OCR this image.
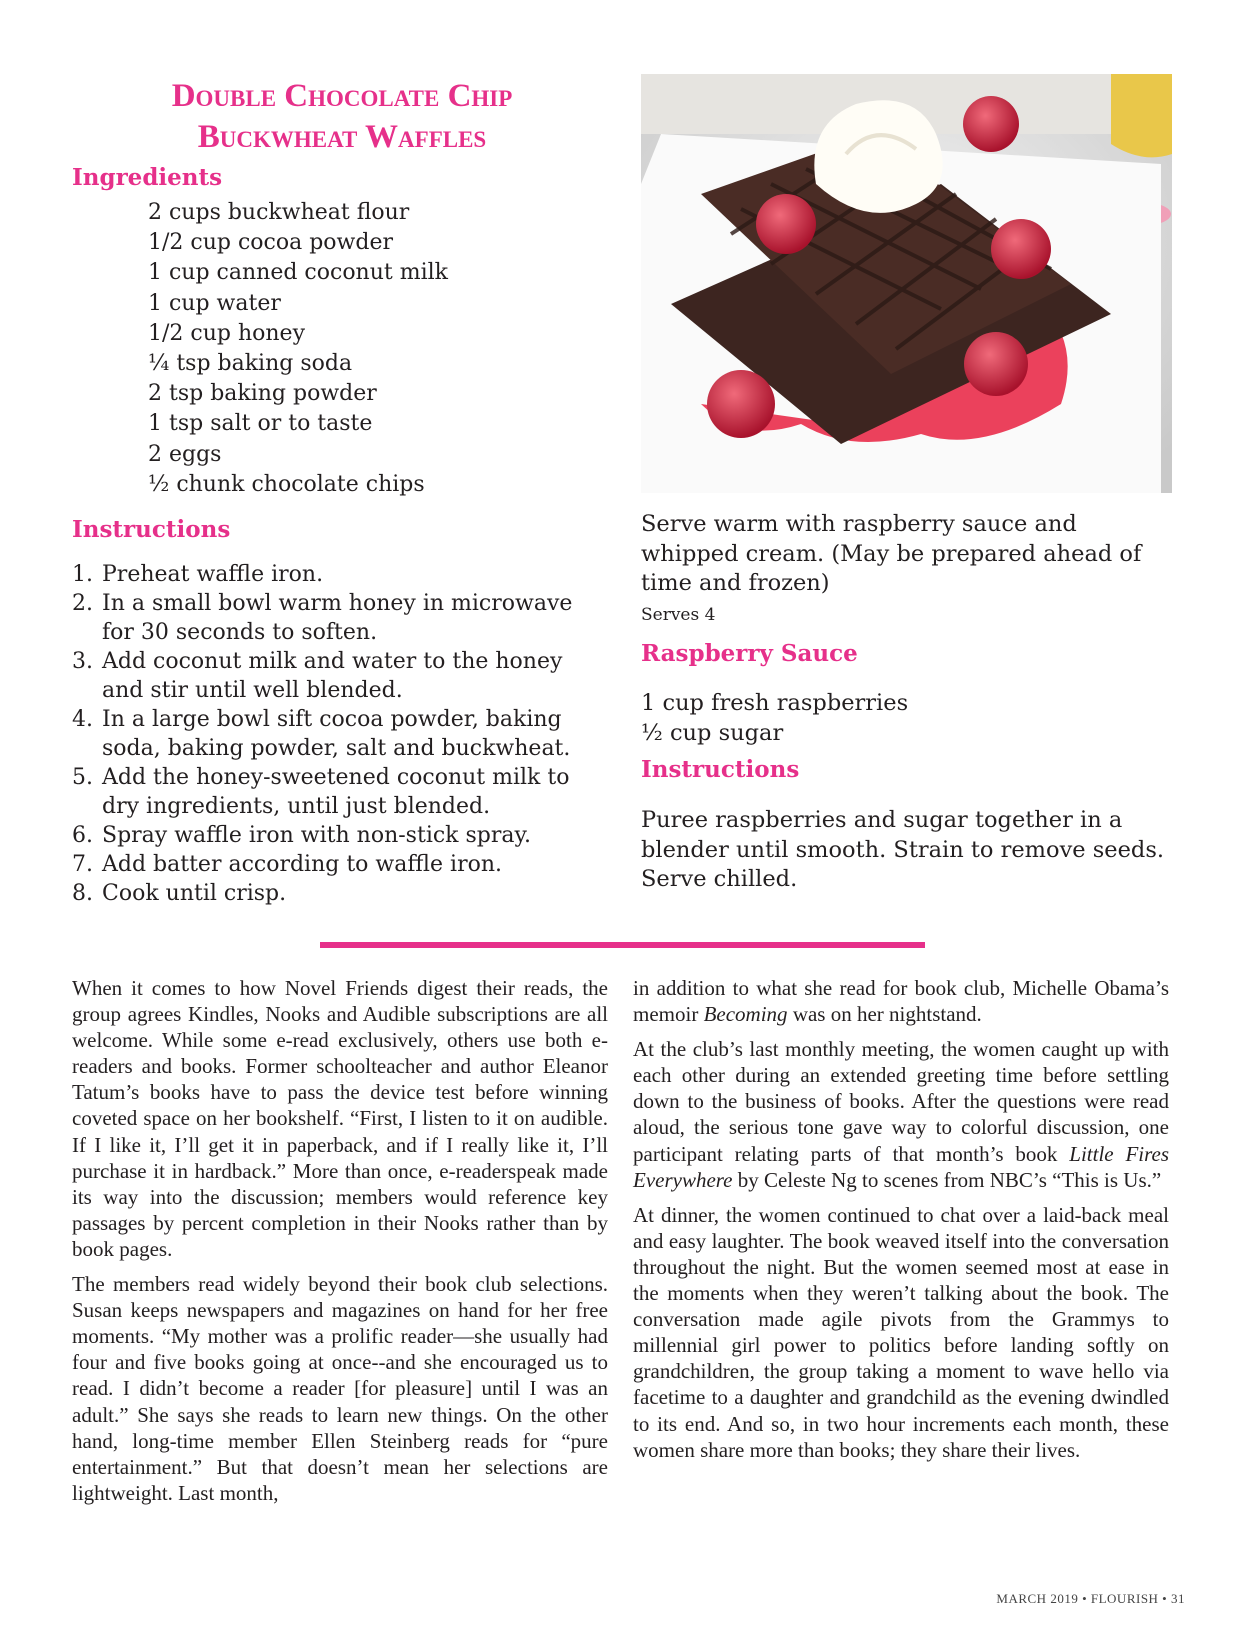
Double Chocolate Chip
Buckwheat Waffles
Ingredients
2 cups buckwheat flour
1/2 cup cocoa powder
1 cup canned coconut milk
1 cup water
1/2 cup honey
¼ tsp baking soda
2 tsp baking powder
1 tsp salt or to taste
2 eggs
½ chunk chocolate chips
Instructions
1. Preheat waffle iron.
2. In a small bowl warm honey in microwave for 30 seconds to soften.
3. Add coconut milk and water to the honey and stir until well blended.
4. In a large bowl sift cocoa powder, baking soda, baking powder, salt and buckwheat.
5. Add the honey-sweetened coconut milk to dry ingredients, until just blended.
6. Spray waffle iron with non-stick spray.
7. Add batter according to waffle iron.
8. Cook until crisp.

Serve warm with raspberry sauce and whipped cream. (May be prepared ahead of time and frozen)

Serves 4

Raspberry Sauce
1 cup fresh raspberries
½ cup sugar
Instructions
Puree raspberries and sugar together in a blender until smooth. Strain to remove seeds.
Serve chilled.

When it comes to how Novel Friends digest their reads, the group agrees Kindles, Nooks and Audible subscriptions are all welcome. While some e-read exclusively, others use both e-readers and books. Former schoolteacher and author Eleanor Tatum’s books have to pass the device test before winning coveted space on her bookshelf. “First, I listen to it on audible. If I like it, I’ll get it in paperback, and if I really like it, I’ll purchase it in hardback.” More than once, e-readerspeak made its way into the discussion; members would reference key passages by percent completion in their Nooks rather than by book pages.

The members read widely beyond their book club selections. Susan keeps newspapers and magazines on hand for her free moments. “My mother was a prolific reader—she usually had four and five books going at once--and she encouraged us to read. I didn’t become a reader [for pleasure] until I was an adult.” She says she reads to learn new things. On the other hand, long-time member Ellen Steinberg reads for “pure entertainment.” But that doesn’t mean her selections are lightweight. Last month,

in addition to what she read for book club, Michelle Obama’s memoir Becoming was on her nightstand.

At the club’s last monthly meeting, the women caught up with each other during an extended greeting time before settling down to the business of books. After the questions were read aloud, the serious tone gave way to colorful discussion, one participant relating parts of that month’s book Little Fires Everywhere by Celeste Ng to scenes from NBC’s “This is Us.”

At dinner, the women continued to chat over a laid-back meal and easy laughter. The book weaved itself into the conversation throughout the night. But the women seemed most at ease in the moments when they weren’t talking about the book. The conversation made agile pivots from the Grammys to millennial girl power to politics before landing softly on grandchildren, the group taking a moment to wave hello via facetime to a daughter and grandchild as the evening dwindled to its end. And so, in two hour increments each month, these women share more than books; they share their lives.

MARCH 2019 • FLOURISH • 31
